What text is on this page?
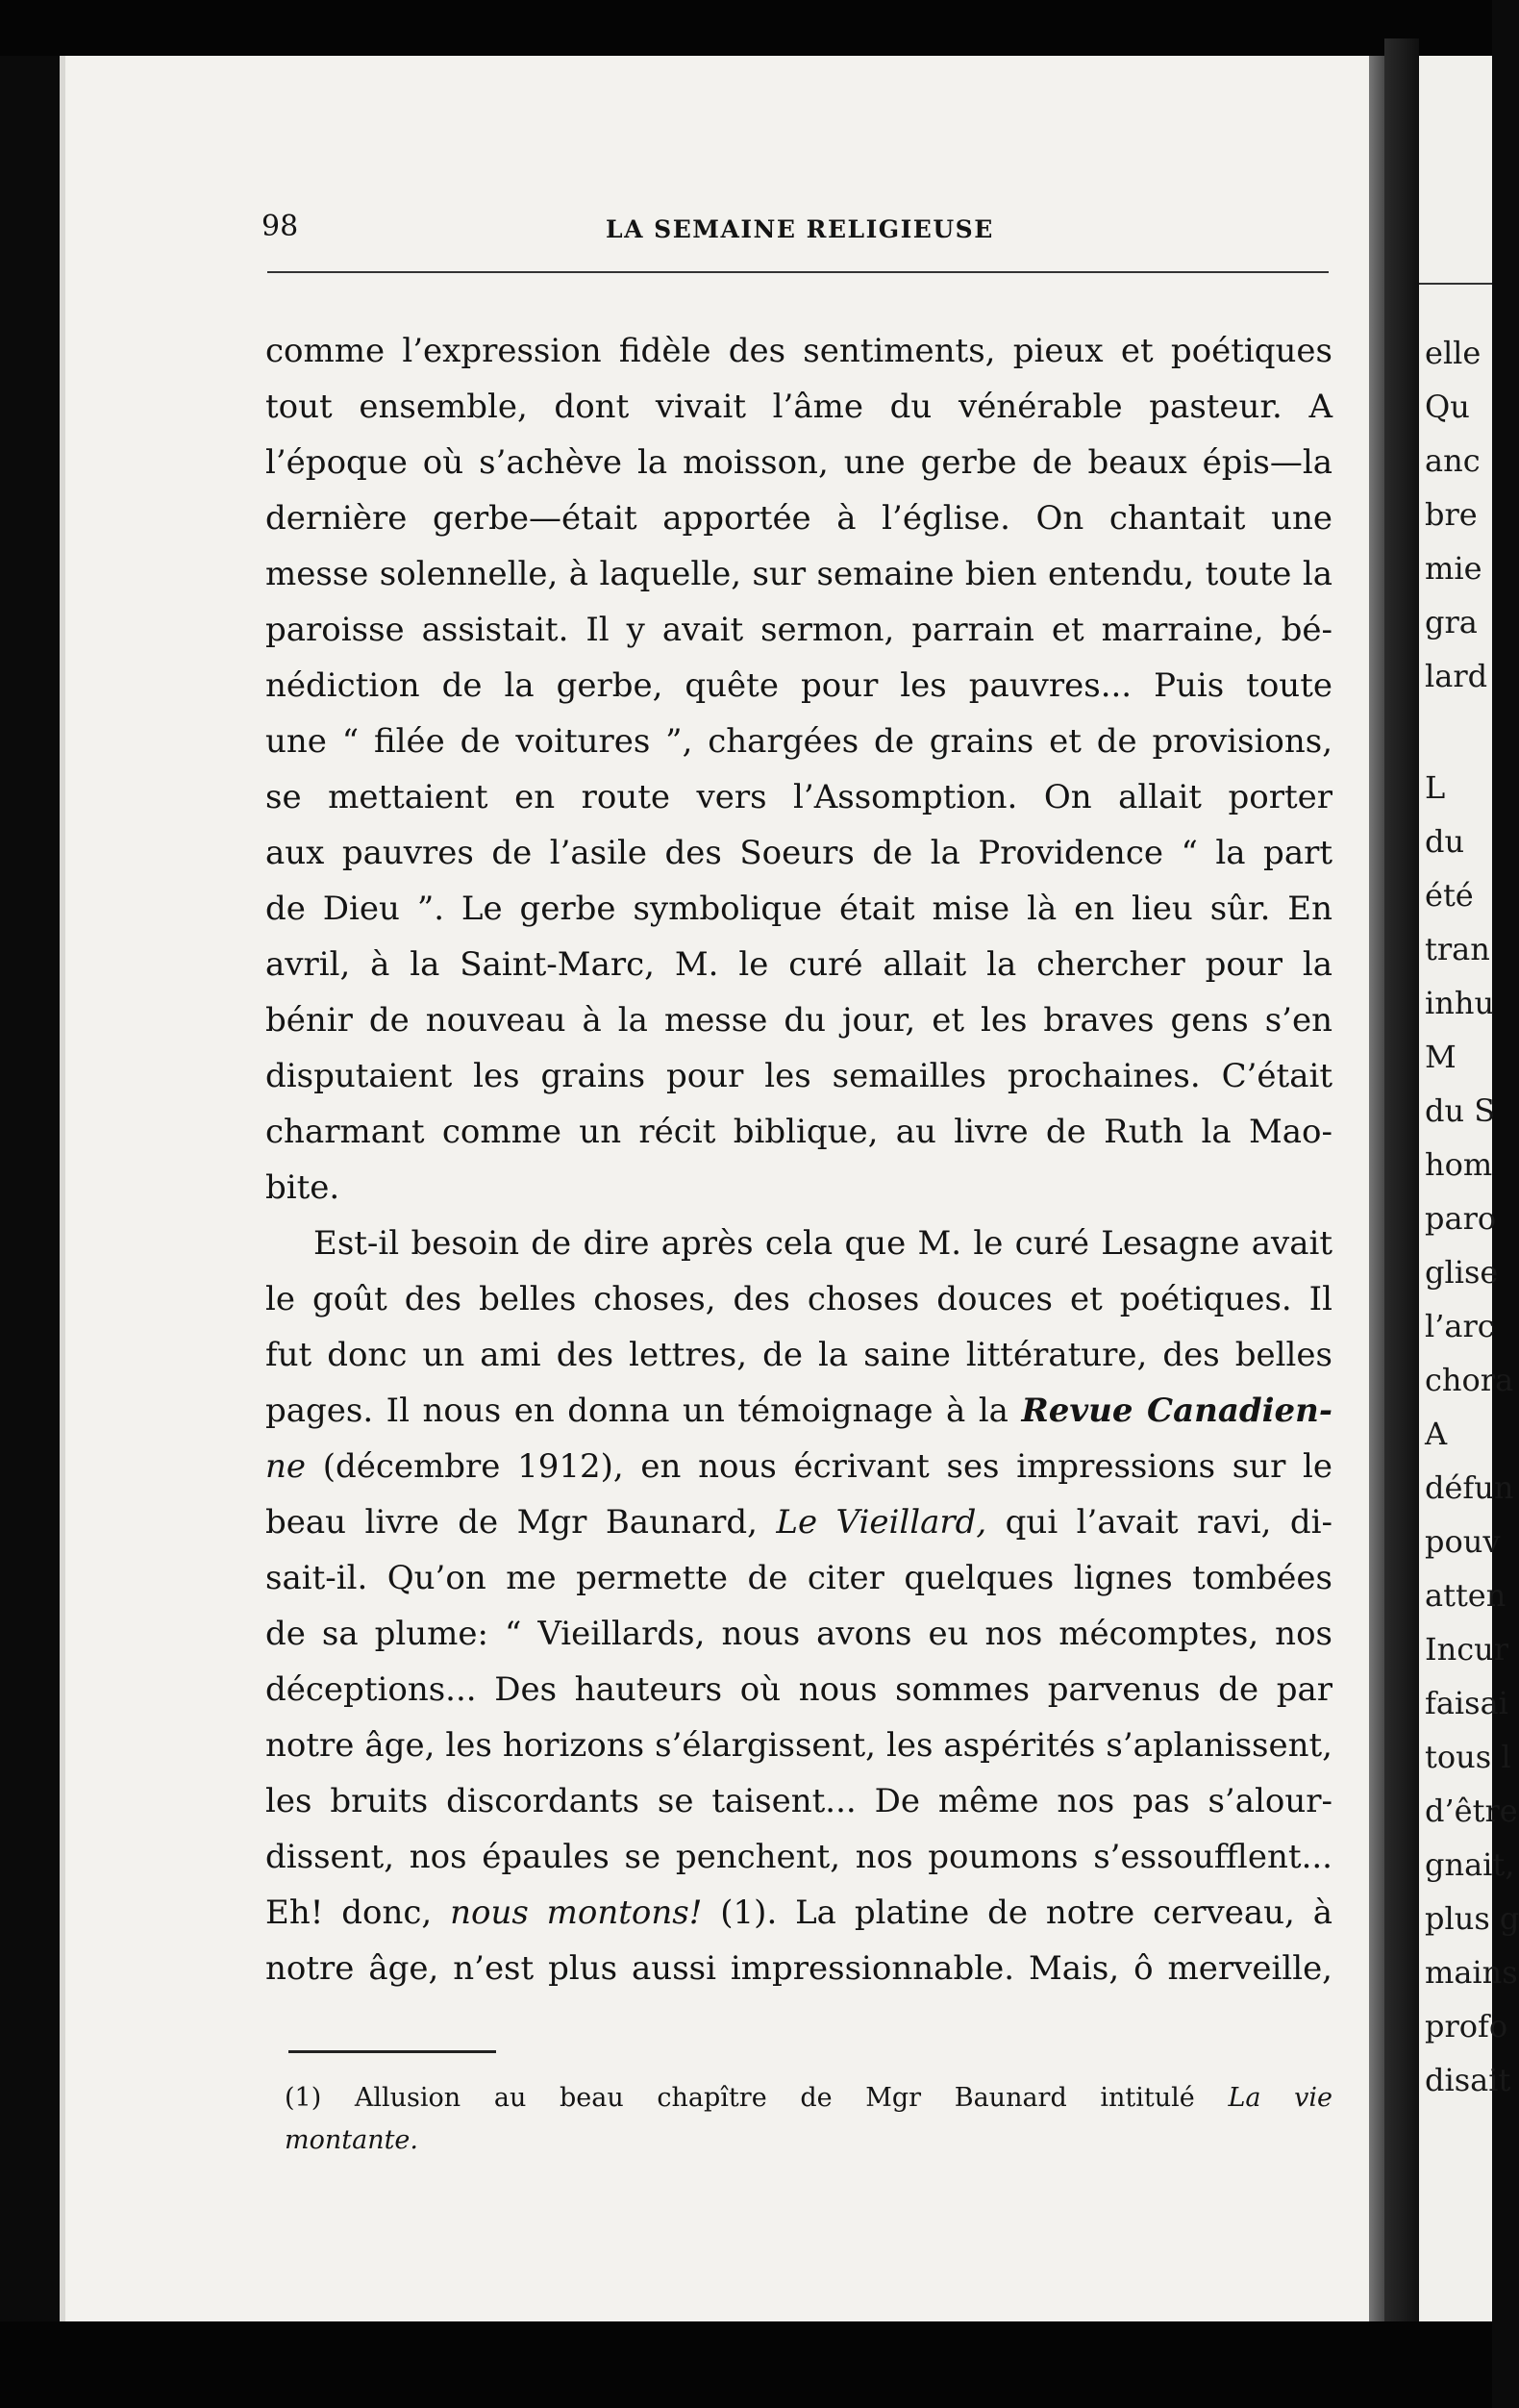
98	LA SEMAINE RELIGIEUSE
comme l’expression fidèle des sentiments, pieux et poétiques
tout ensemble, dont vivait l’âme du vénérable pasteur. A
l’époque où s’achève la moisson, une gerbe de beaux épis—la
dernière gerbe—était apportée à l’église. On chantait une
messe solennelle, à laquelle, sur semaine bien entendu, toute la
paroisse assistait. Il y avait sermon, parrain et marraine, bé-
nédiction de la gerbe, quête pour les pauvres... Puis toute
une “ filée de voitures ”, chargées de grains et de provisions,
se mettaient en route vers l’Assomption. On allait porter
aux pauvres de l’asile des Soeurs de la Providence “ la part
de Dieu ”. Le gerbe symbolique était mise là en lieu sûr. En
avril, à la Saint-Marc, M. le curé allait la chercher pour la
bénir de nouveau à la messe du jour, et les braves gens s’en
disputaient les grains pour les semailles prochaines. C’était
charmant comme un récit biblique, au livre de Ruth la Mao-
bite.
Est-il besoin de dire après cela que M. le curé Lesagne avait
le goût des belles choses, des choses douces et poétiques. Il
fut donc un ami des lettres, de la saine littérature, des belles
pages. Il nous en donna un témoignage à la Revue Canadien-
ne (décembre 1912), en nous écrivant ses impressions sur le
beau livre de Mgr Baunard, Le Vieillard, qui l’avait ravi, di-
sait-il. Qu’on me permette de citer quelques lignes tombées
de sa plume: “ Vieillards, nous avons eu nos mécomptes, nos
déceptions... Des hauteurs où nous sommes parvenus de par
notre âge, les horizons s’élargissent, les aspérités s’aplanissent,
les bruits discordants se taisent... De même nos pas s’alour-
dissent, nos épaules se penchent, nos poumons s’essoufflent...
Eh! donc, nous montons! (1). La platine de notre cerveau, à
notre âge, n’est plus aussi impressionnable. Mais, ô merveille,
(1) Allusion au beau chapître de Mgr Baunard intitulé La vie
montante.
elle
Qu
anc
bre
mie
gra
lard
L
du
été
tran
inhu
M
du S
hom
paro
glise
l’arc
chora
A
défun
pouv
atten
Incur
faisai
tous l
d’être
gnait,
plus g
mains
profo
disait
